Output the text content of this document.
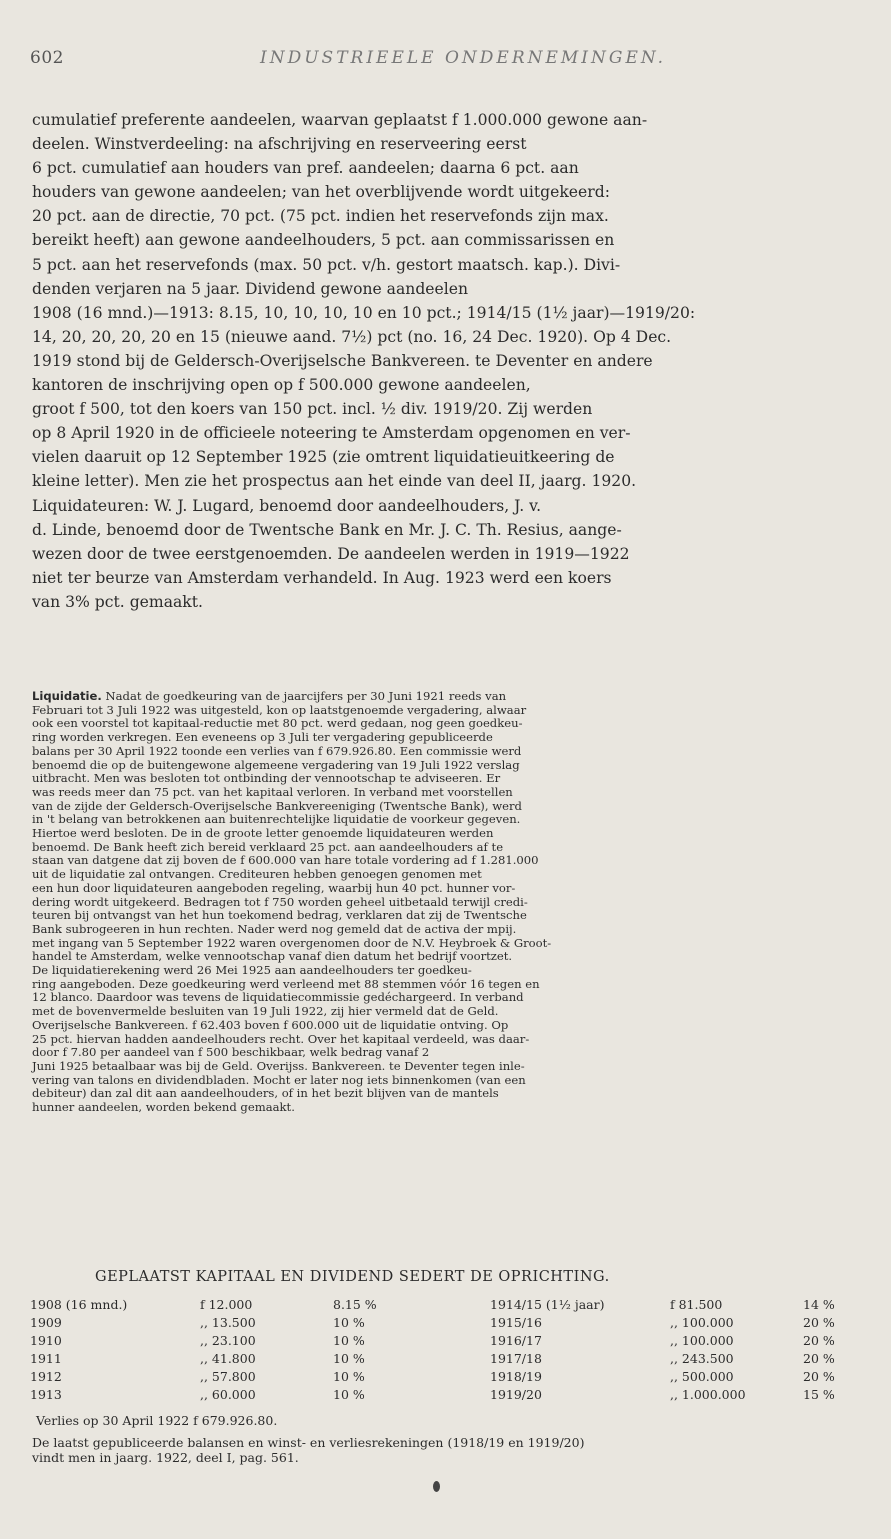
602	INDUSTRIEELE ONDERNEMINGEN.

cumulatief preferente aandeelen, waarvan geplaatst f 1.000.000 gewone aan-

deelen. Winstverdeeling: na afschrijving en reserveering eerst

6 pct. cumulatief aan houders van pref. aandeelen; daarna 6 pct. aan

houders van gewone aandeelen; van het overblijvende wordt uitgekeerd:

20 pct. aan de directie, 70 pct. (75 pct. indien het reservefonds zijn max.

bereikt heeft) aan gewone aandeelhouders, 5 pct. aan commissarissen en

5 pct. aan het reservefonds (max. 50 pct. v/h. gestort maatsch. kap.). Divi-

denden verjaren na 5 jaar. Dividend gewone aandeelen

1908 (16 mnd.)—1913: 8.15, 10, 10, 10, 10 en 10 pct.; 1914/15 (1½ jaar)—1919/20:

14, 20, 20, 20, 20 en 15 (nieuwe aand. 7½) pct (no. 16, 24 Dec. 1920). Op 4 Dec.

1919 stond bij de Geldersch-Overijselsche Bankvereen. te Deventer en andere

kantoren de inschrijving open op f 500.000 gewone aandeelen,

groot f 500, tot den koers van 150 pct. incl. ½ div. 1919/20. Zij werden

op 8 April 1920 in de officieele noteering te Amsterdam opgenomen en ver-

vielen daaruit op 12 September 1925 (zie omtrent liquidatieuitkeering de

kleine letter). Men zie het prospectus aan het einde van deel II, jaarg. 1920.

Liquidateuren: W. J. Lugard, benoemd door aandeelhouders, J. v.

d. Linde, benoemd door de Twentsche Bank en Mr. J. C. Th. Resius, aange-

wezen door de twee eerstgenoemden. De aandeelen werden in 1919—1922

niet ter beurze van Amsterdam verhandeld. In Aug. 1923 werd een koers

van 3% pct. gemaakt.

Liquidatie. Nadat de goedkeuring van de jaarcijfers per 30 Juni 1921 reeds van

Februari tot 3 Juli 1922 was uitgesteld, kon op laatstgenoemde vergadering, alwaar

ook een voorstel tot kapitaal-reductie met 80 pct. werd gedaan, nog geen goedkeu-

ring worden verkregen. Een eveneens op 3 Juli ter vergadering gepubliceerde

balans per 30 April 1922 toonde een verlies van f 679.926.80. Een commissie werd

benoemd die op de buitengewone algemeene vergadering van 19 Juli 1922 verslag

uitbracht. Men was besloten tot ontbinding der vennootschap te adviseeren. Er

was reeds meer dan 75 pct. van het kapitaal verloren. In verband met voorstellen

van de zijde der Geldersch-Overijselsche Bankvereeniging (Twentsche Bank), werd

in 't belang van betrokkenen aan buitenrechtelijke liquidatie de voorkeur gegeven.

Hiertoe werd besloten. De in de groote letter genoemde liquidateuren werden

benoemd. De Bank heeft zich bereid verklaard 25 pct. aan aandeelhouders af te

staan van datgene dat zij boven de f 600.000 van hare totale vordering ad f 1.281.000

uit de liquidatie zal ontvangen. Crediteuren hebben genoegen genomen met

een hun door liquidateuren aangeboden regeling, waarbij hun 40 pct. hunner vor-

dering wordt uitgekeerd. Bedragen tot f 750 worden geheel uitbetaald terwijl credi-

teuren bij ontvangst van het hun toekomend bedrag, verklaren dat zij de Twentsche

Bank subrogeeren in hun rechten. Nader werd nog gemeld dat de activa der mpij.

met ingang van 5 September 1922 waren overgenomen door de N.V. Heybroek & Groot-

handel te Amsterdam, welke vennootschap vanaf dien datum het bedrijf voortzet.

De liquidatierekening werd 26 Mei 1925 aan aandeelhouders ter goedkeu-

ring aangeboden. Deze goedkeuring werd verleend met 88 stemmen vóór 16 tegen en

12 blanco. Daardoor was tevens de liquidatiecommissie gedéchargeerd. In verband

met de bovenvermelde besluiten van 19 Juli 1922, zij hier vermeld dat de Geld.

Overijselsche Bankvereen. f 62.403 boven f 600.000 uit de liquidatie ontving. Op

25 pct. hiervan hadden aandeelhouders recht. Over het kapitaal verdeeld, was daar-

door f 7.80 per aandeel van f 500 beschikbaar, welk bedrag vanaf 2

Juni 1925 betaalbaar was bij de Geld. Overijss. Bankvereen. te Deventer tegen inle-

vering van talons en dividendbladen. Mocht er later nog iets binnenkomen (van een

debiteur) dan zal dit aan aandeelhouders, of in het bezit blijven van de mantels

hunner aandeelen, worden bekend gemaakt.

GEPLAATST KAPITAAL EN DIVIDEND SEDERT DE OPRICHTING.
1908 (16 mnd.)	f 12.000	8.15 %	1914/15 (1½ jaar)	f 81.500	14 %
1909	,, 13.500	10 %	1915/16	,, 100.000	20 %
1910	,, 23.100	10 %	1916/17	,, 100.000	20 %
1911	,, 41.800	10 %	1917/18	,, 243.500	20 %
1912	,, 57.800	10 %	1918/19	,, 500.000	20 %
1913	,, 60.000	10 %	1919/20	,, 1.000.000	15 %
Verlies op 30 April 1922 f 679.926.80.

De laatst gepubliceerde balansen en winst- en verliesrekeningen (1918/19 en 1919/20)

vindt men in jaarg. 1922, deel I, pag. 561.
